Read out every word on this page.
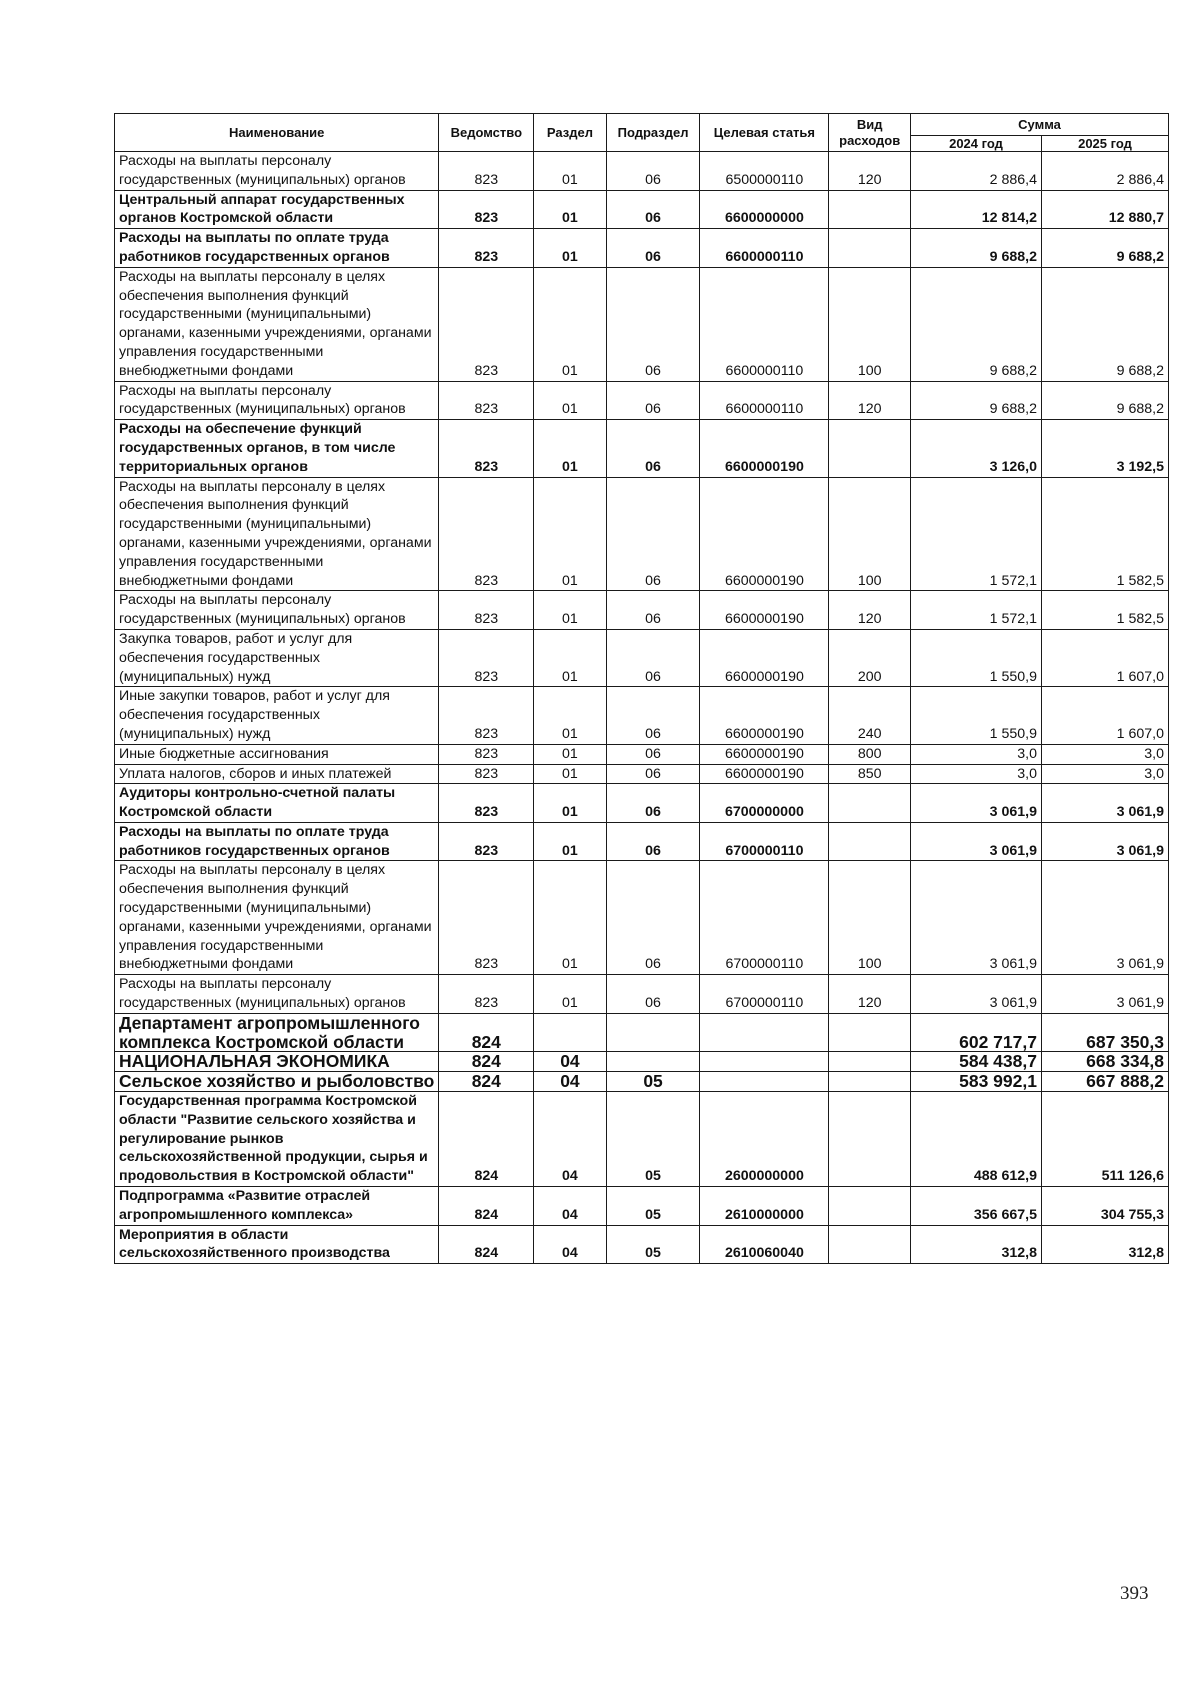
Наименование	Ведомство	Раздел	Подраздел	Целевая статья	Вид расходов	Сумма	
						2024 год	2025 год
Расходы на выплаты персоналу государственных (муниципальных) органов	823	01	06	6500000110	120	2 886,4	2 886,4
Центральный аппарат государственных органов Костромской области	823	01	06	6600000000		12 814,2	12 880,7
Расходы на выплаты по оплате труда работников государственных органов	823	01	06	6600000110		9 688,2	9 688,2
Расходы на выплаты персоналу в целях обеспечения выполнения функций государственными (муниципальными) органами, казенными учреждениями, органами управления государственными внебюджетными фондами	823	01	06	6600000110	100	9 688,2	9 688,2
Расходы на выплаты персоналу государственных (муниципальных) органов	823	01	06	6600000110	120	9 688,2	9 688,2
Расходы на обеспечение функций государственных органов, в том числе территориальных органов	823	01	06	6600000190		3 126,0	3 192,5
Расходы на выплаты персоналу в целях обеспечения выполнения функций государственными (муниципальными) органами, казенными учреждениями, органами управления государственными внебюджетными фондами	823	01	06	6600000190	100	1 572,1	1 582,5
Расходы на выплаты персоналу государственных (муниципальных) органов	823	01	06	6600000190	120	1 572,1	1 582,5
Закупка товаров, работ и услуг для обеспечения государственных (муниципальных) нужд	823	01	06	6600000190	200	1 550,9	1 607,0
Иные закупки товаров, работ и услуг для обеспечения государственных (муниципальных) нужд	823	01	06	6600000190	240	1 550,9	1 607,0
Иные бюджетные ассигнования	823	01	06	6600000190	800	3,0	3,0
Уплата налогов, сборов и иных платежей	823	01	06	6600000190	850	3,0	3,0
Аудиторы контрольно-счетной палаты Костромской области	823	01	06	6700000000		3 061,9	3 061,9
Расходы на выплаты по оплате труда работников государственных органов	823	01	06	6700000110		3 061,9	3 061,9
Расходы на выплаты персоналу в целях обеспечения выполнения функций государственными (муниципальными) органами, казенными учреждениями, органами управления государственными внебюджетными фондами	823	01	06	6700000110	100	3 061,9	3 061,9
Расходы на выплаты персоналу государственных (муниципальных) органов	823	01	06	6700000110	120	3 061,9	3 061,9
Департамент агропромышленного комплекса Костромской области	824					602 717,7	687 350,3
НАЦИОНАЛЬНАЯ ЭКОНОМИКА	824	04				584 438,7	668 334,8
Сельское хозяйство и рыболовство	824	04	05			583 992,1	667 888,2
Государственная программа Костромской области "Развитие сельского хозяйства и регулирование рынков сельскохозяйственной продукции, сырья и продовольствия в Костромской области"	824	04	05	2600000000		488 612,9	511 126,6
Подпрограмма «Развитие отраслей агропромышленного комплекса»	824	04	05	2610000000		356 667,5	304 755,3
Мероприятия в области сельскохозяйственного производства	824	04	05	2610060040		312,8	312,8
393
